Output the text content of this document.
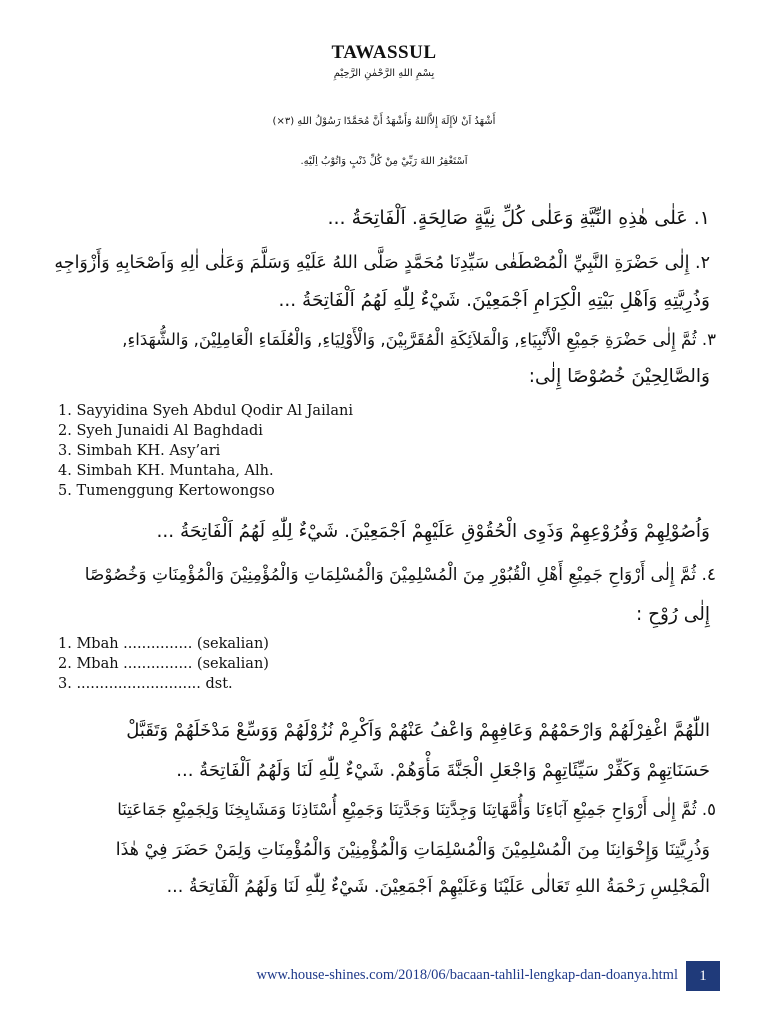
TAWASSUL
بِسْمِ اللهِ الرَّحْمٰنِ الرَّحِيْمِ
أَشْهَدُ اَنْ لاَإِلَهَ إِلاَّاللهُ وَأَشْهَدُ أَنَّ مُحَمَّدًا رَسُوْلُ اللهِ (٣×)
اَسْتَغْفِرُ اللهَ رَبِّيْ مِنْ كُلِّ ذَنْبٍ وَاتُوْبُ اِلَيْهِ.
١. عَلٰى هٰذِهِ النِّيَّةِ وَعَلٰى كُلِّ نِيَّةٍ صَالِحَةٍ. اَلْفَاتِحَةُ ...
٢. إِلٰى حَضْرَةِ النَّبِيِّ الْمُصْطَفٰى سَيِّدِنَا مُحَمَّدٍ صَلَّى اللهُ عَلَيْهِ وَسَلَّمَ وَعَلٰى اٰلِهِ وَاَصْحَابِهِ وَأَزْوَاجِهِ
وَذُرِيَّتِهِ وَاَهْلِ بَيْتِهِ الْكِرَامِ اَجْمَعِيْنَ. شَيْءٌ لِلّٰهِ لَهُمُ اَلْفَاتِحَةُ ...
٣. ثُمَّ إِلٰى حَضْرَةِ جَمِيْعِ الْأَنْبِيَاءِ, وَالْمَلاَئِكَةِ الْمُقَرَّبِيْنَ, وَالْأَوْلِيَاءِ, وَالْعُلَمَاءِ الْعَامِلِيْنَ, وَالشُّهَدَاءِ,
وَالصَّالِحِيْنَ خُصُوْصًا إِلٰى:
1. Sayyidina Syeh Abdul Qodir Al Jailani
2. Syeh Junaidi Al Baghdadi
3. Simbah KH. Asy’ari
4. Simbah KH. Muntaha, Alh.
5. Tumenggung Kertowongso
وَاُصُوْلِهِمْ وَفُرُوْعِهِمْ وَذَوِى الْحُقُوْقِ عَلَيْهِمْ اَجْمَعِيْنَ. شَيْءٌ لِلّٰهِ لَهُمُ اَلْفَاتِحَةُ ...
٤. ثُمَّ إِلٰى أَرْوَاحِ جَمِيْعِ أَهْلِ الْقُبُوْرِ مِنَ الْمُسْلِمِيْنَ وَالْمُسْلِمَاتِ وَالْمُؤْمِنِيْنَ وَالْمُؤْمِنَاتِ وَخُصُوْصًا
إِلٰى رُوْحِ :
1. Mbah ............... (sekalian)
2. Mbah ............... (sekalian)
3. ........................... dst.
اللّٰهُمَّ اغْفِرْلَهُمْ وَارْحَمْهُمْ وَعَافِهِمْ وَاعْفُ عَنْهُمْ وَاَكْرِمْ نُزُوْلَهُمْ وَوَسِّعْ مَدْخَلَهُمْ وَتَقَبَّلْ
حَسَنَاتِهِمْ وَكَفِّرْ سَيِّئَاتِهِمْ وَاجْعَلِ الْجَنَّةَ مَأْوَهُمْ. شَيْءٌ لِلّٰهِ لَنَا وَلَهُمُ اَلْفَاتِحَةُ ...
٥. ثُمَّ إِلٰى أَرْوَاحِ جَمِيْعِ آبَاءِنَا وَأُمَّهَاتِنَا وَجِدَّتِنَا وَجَدَّتِنَا وَجَمِيْعِ أُسْتَاذِنَا وَمَشَايِخِنَا وَلِجَمِيْعِ جَمَاعَتِنَا
وَذُرِيَّتِنَا وَإِخْوَانِنَا مِنَ الْمُسْلِمِيْنَ وَالْمُسْلِمَاتِ وَالْمُؤْمِنِيْنَ وَالْمُؤْمِنَاتِ وَلِمَنْ حَضَرَ فِيْ هٰذَا
الْمَجْلِسِ رَحْمَةُ اللهِ تَعَالٰى عَلَيْنَا وَعَلَيْهِمْ اَجْمَعِيْنَ. شَيْءٌ لِلّٰهِ لَنَا وَلَهُمُ اَلْفَاتِحَةُ ...
www.house-shines.com/2018/06/bacaan-tahlil-lengkap-dan-doanya.html	1
